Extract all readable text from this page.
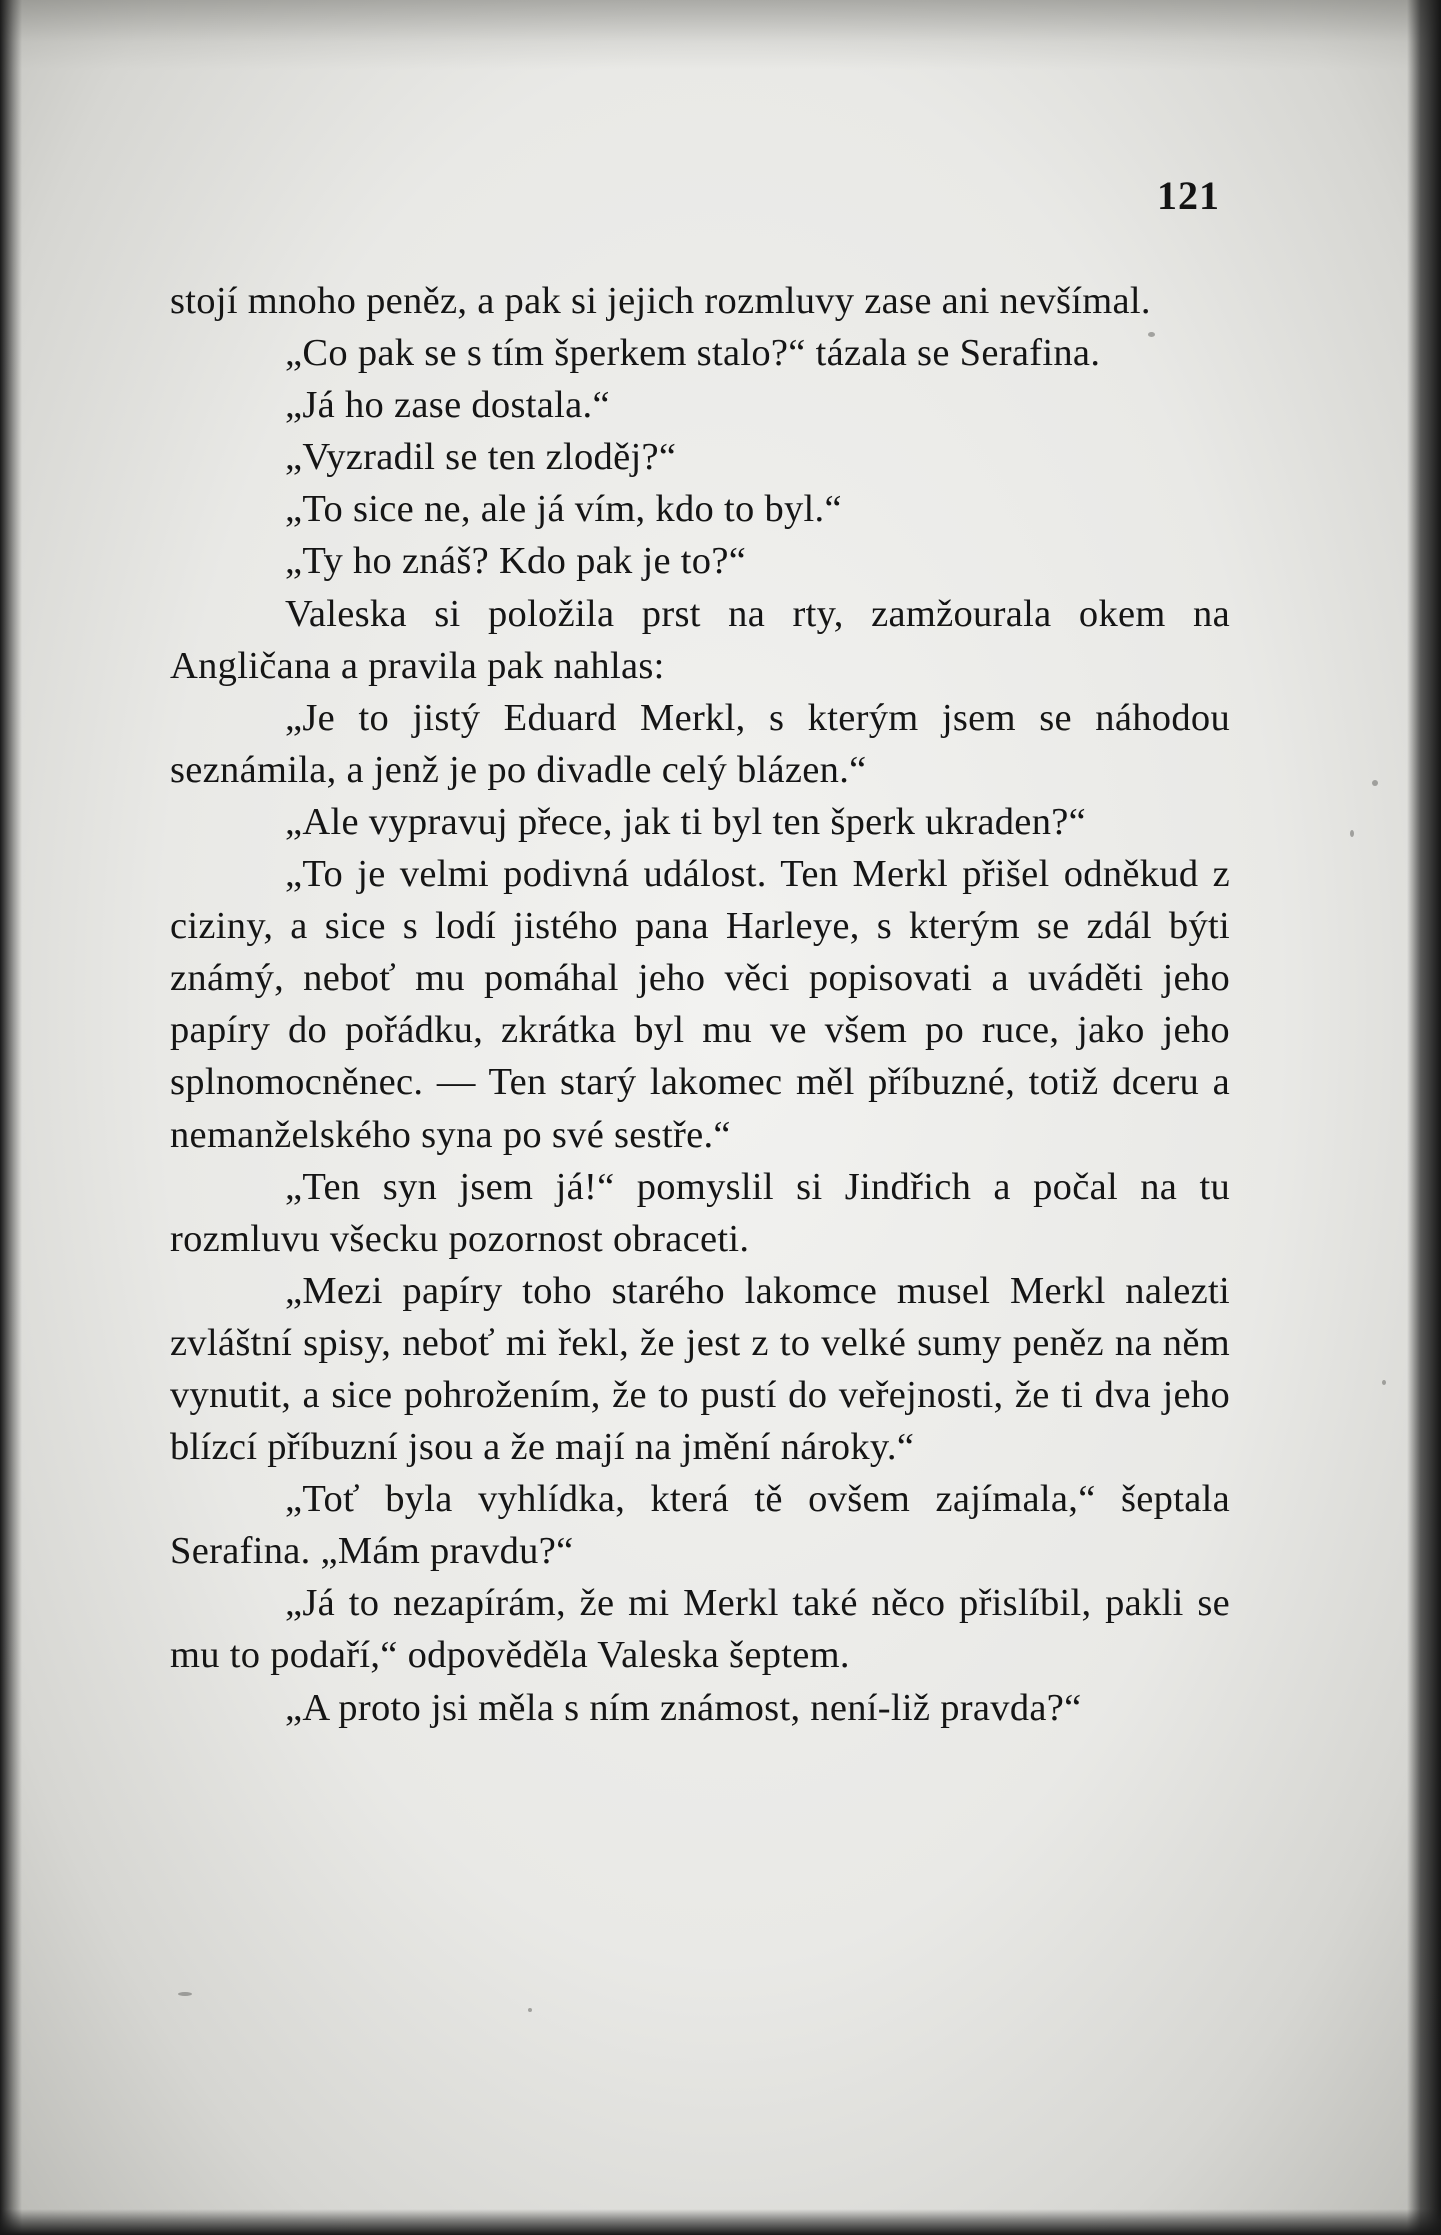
121

stojí mnoho peněz, a pak si jejich rozmluvy zase ani nevšímal.

„Co pak se s tím šperkem stalo?“ tázala se Serafina.

„Já ho zase dostala.“

„Vyzradil se ten zloděj?“

„To sice ne, ale já vím, kdo to byl.“

„Ty ho znáš? Kdo pak je to?“

Valeska si položila prst na rty, zamžourala okem na Angličana a pravila pak nahlas:

„Je to jistý Eduard Merkl, s kterým jsem se náhodou seznámila, a jenž je po divadle celý blázen.“

„Ale vypravuj přece, jak ti byl ten šperk ukraden?“

„To je velmi podivná událost. Ten Merkl přišel odněkud z ciziny, a sice s lodí jistého pana Harleye, s kterým se zdál býti známý, neboť mu pomáhal jeho věci popisovati a uváděti jeho papíry do pořádku, zkrátka byl mu ve všem po ruce, jako jeho splnomocněnec. — Ten starý lakomec měl příbuzné, totiž dceru a nemanželského syna po své sestře.“

„Ten syn jsem já!“ pomyslil si Jindřich a počal na tu rozmluvu všecku pozornost obraceti.

„Mezi papíry toho starého lakomce musel Merkl nalezti zvláštní spisy, neboť mi řekl, že jest z to velké sumy peněz na něm vynutit, a sice pohrožením, že to pustí do veřejnosti, že ti dva jeho blízcí příbuzní jsou a že mají na jmění nároky.“

„Toť byla vyhlídka, která tě ovšem zajímala,“ šeptala Serafina. „Mám pravdu?“

„Já to nezapírám, že mi Merkl také něco přislíbil, pakli se mu to podaří,“ odpověděla Valeska šeptem.

„A proto jsi měla s ním známost, není-liž pravda?“
